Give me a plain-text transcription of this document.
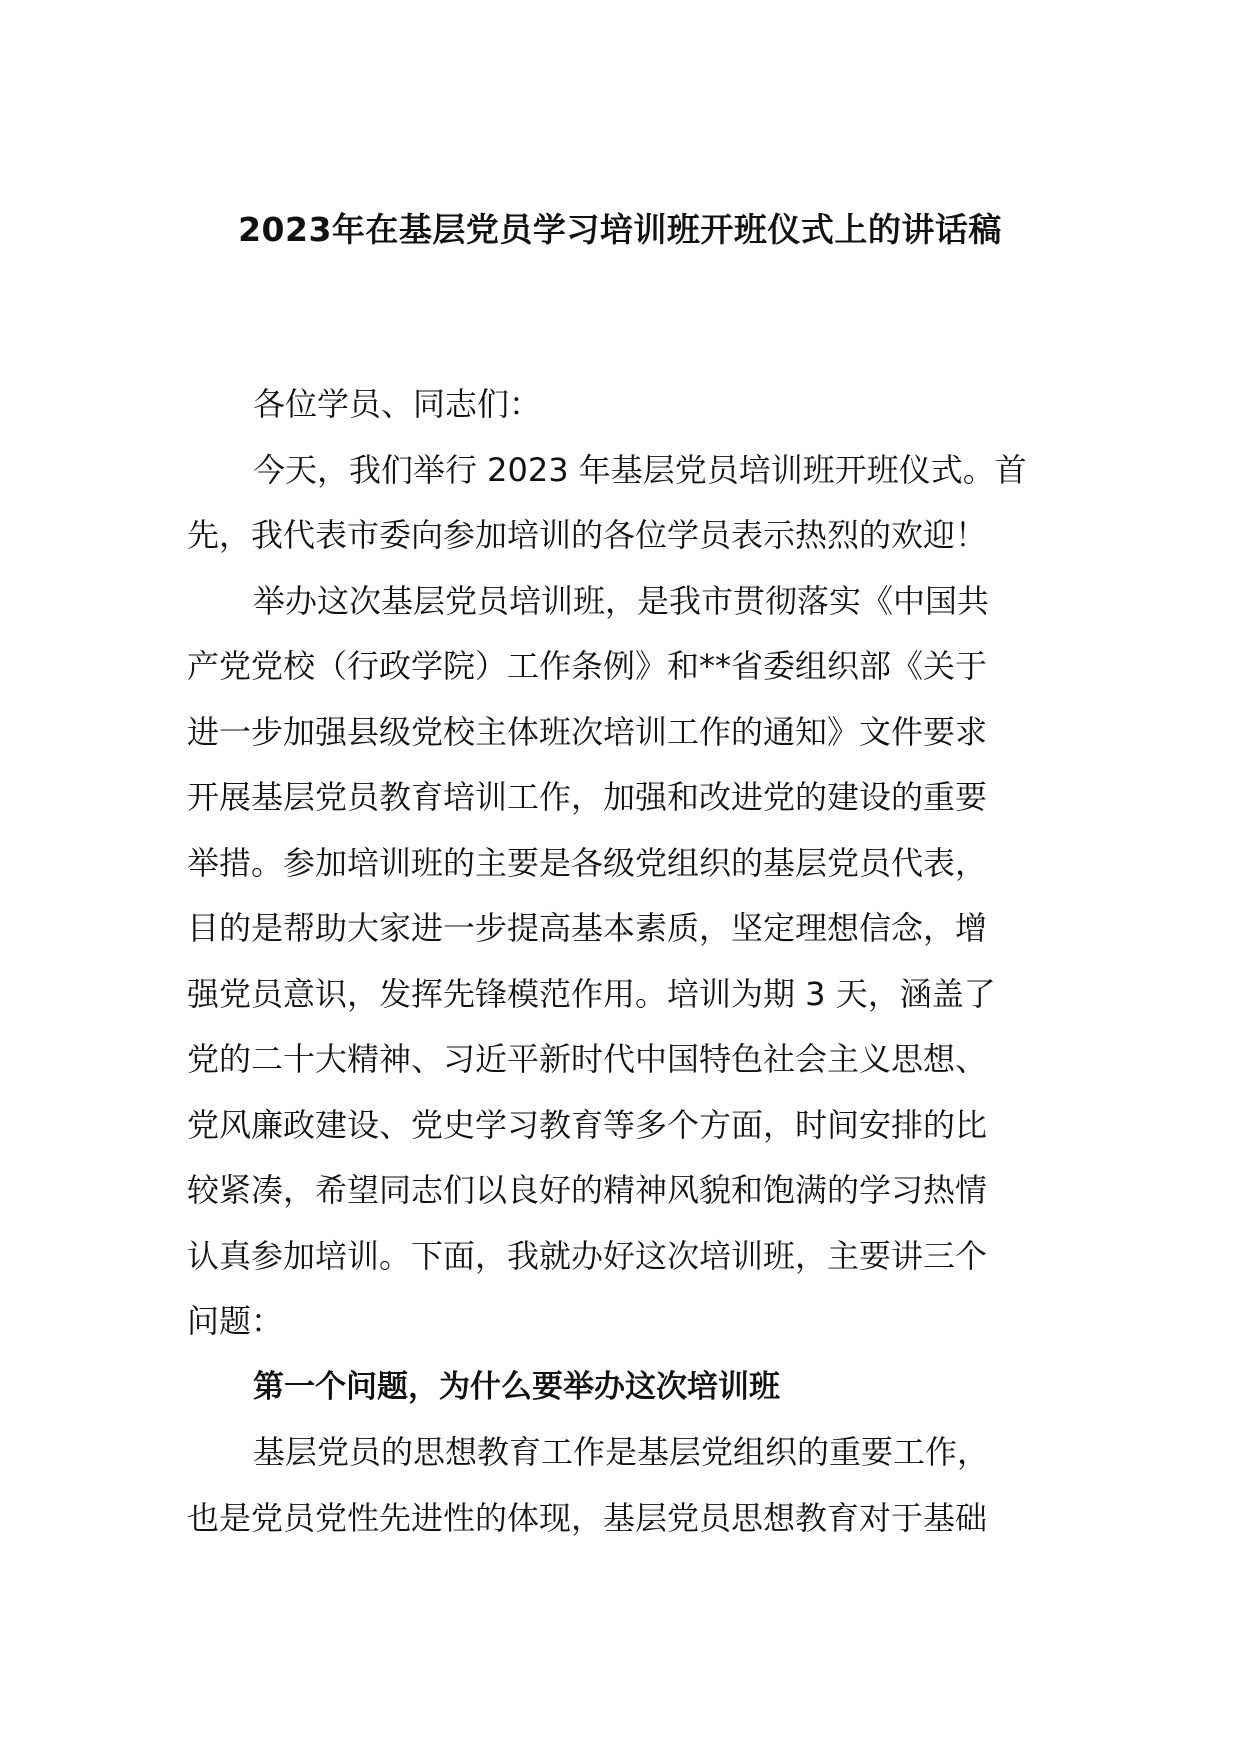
2023年在基层党员学习培训班开班仪式上的讲话稿

各位学员、同志们：

今天，我们举行 2023 年基层党员培训班开班仪式。首

先，我代表市委向参加培训的各位学员表示热烈的欢迎！

举办这次基层党员培训班，是我市贯彻落实《中国共

产党党校（行政学院）工作条例》和**省委组织部《关于

进一步加强县级党校主体班次培训工作的通知》文件要求

开展基层党员教育培训工作，加强和改进党的建设的重要

举措。参加培训班的主要是各级党组织的基层党员代表，

目的是帮助大家进一步提高基本素质，坚定理想信念，增

强党员意识，发挥先锋模范作用。培训为期 3 天，涵盖了

党的二十大精神、习近平新时代中国特色社会主义思想、

党风廉政建设、党史学习教育等多个方面，时间安排的比

较紧凑，希望同志们以良好的精神风貌和饱满的学习热情

认真参加培训。下面，我就办好这次培训班，主要讲三个

问题：

第一个问题，为什么要举办这次培训班

基层党员的思想教育工作是基层党组织的重要工作，

也是党员党性先进性的体现，基层党员思想教育对于基础
